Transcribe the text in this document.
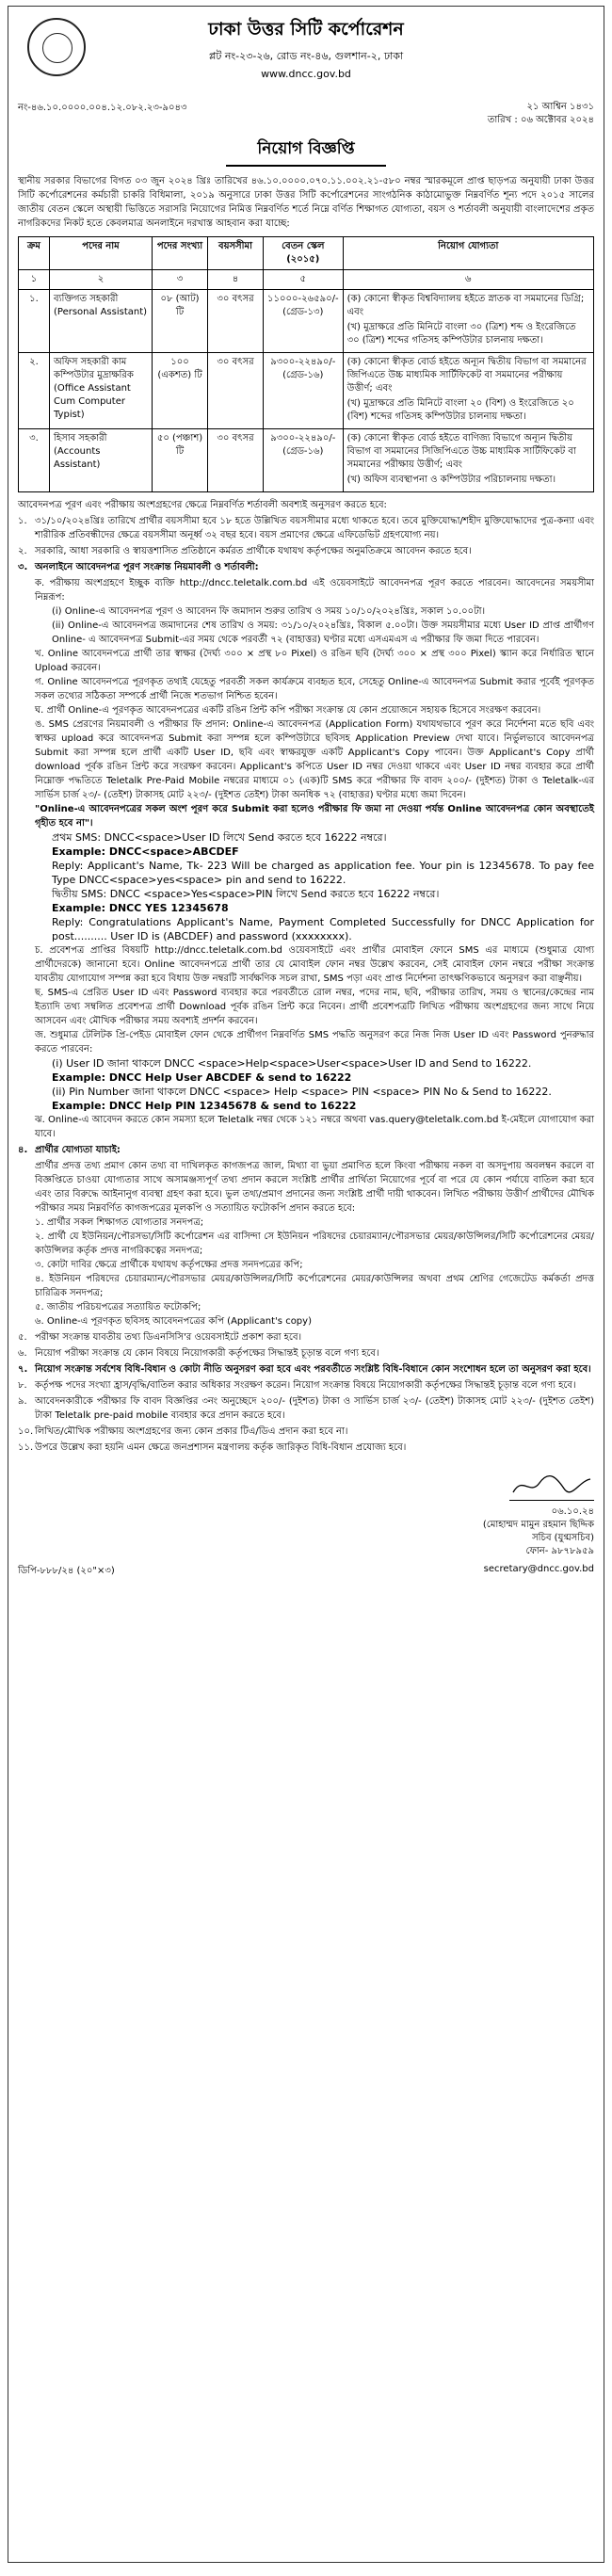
ঢাকা উত্তর সিটি কর্পোরেশন
প্লট নং-২৩-২৬, রোড নং-৪৬, গুলশান-২, ঢাকা
www.dncc.gov.bd
নং-৪৬.১০.০০০০.০০৪.১২.০৮২.২৩-৯০৪৩	২১ আশ্বিন ১৪৩১
তারিখ : ০৬ অক্টোবর ২০২৪
নিয়োগ বিজ্ঞপ্তি

স্থানীয় সরকার বিভাগের বিগত ০৩ জুন ২০২৪ খ্রিঃ তারিখের ৪৬.১০.০০০০.০৭০.১১.০০২.২১-৫৮০ নম্বর স্মারকমূলে প্রাপ্ত ছাড়পত্র অনুযায়ী ঢাকা উত্তর সিটি কর্পোরেশনের কর্মচারী চাকরি বিধিমালা, ২০১৯ অনুসারে ঢাকা উত্তর সিটি কর্পোরেশনের সাংগঠনিক কাঠামোভুক্ত নিম্নবর্ণিত শূন্য পদে ২০১৫ সালের জাতীয় বেতন স্কেলে অস্থায়ী ভিত্তিতে সরাসরি নিয়োগের নিমিত্ত নিম্নবর্ণিত শর্তে নিম্নে বর্ণিত শিক্ষাগত যোগ্যতা, বয়স ও শর্তাবলী অনুযায়ী বাংলাদেশের প্রকৃত নাগরিকদের নিকট হতে কেবলমাত্র অনলাইনে দরখাস্ত আহবান করা যাচ্ছে:

ক্রম	পদের নাম	পদের সংখ্যা	বয়সসীমা	বেতন স্কেল (২০১৫)	নিয়োগ যোগ্যতা
১	২	৩	৪	৫	৬
১.	ব্যক্তিগত সহকারী (Personal Assistant)	০৮ (আট) টি	৩০ বৎসর	১১০০০-২৬৫৯০/- (গ্রেড-১৩)	(ক) কোনো স্বীকৃত বিশ্ববিদ্যালয় হইতে স্নাতক বা সমমানের ডিগ্রি; এবং
(খ) মুদ্রাক্ষরে প্রতি মিনিটে বাংলা ৩০ (ত্রিশ) শব্দ ও ইংরেজিতে ৩০ (ত্রিশ) শব্দের গতিসহ কম্পিউটার চালনায় দক্ষতা।

২.	অফিস সহকারী কাম কম্পিউটার মুদ্রাক্ষরিক (Office Assistant Cum Computer Typist)	১০০ (একশত) টি	৩০ বৎসর	৯৩০০-২২৪৯০/- (গ্রেড-১৬)	(ক) কোনো স্বীকৃত বোর্ড হইতে অন্যূন দ্বিতীয় বিভাগ বা সমমানের জিপিএতে উচ্চ মাধ্যমিক সার্টিফিকেট বা সমমানের পরীক্ষায় উত্তীর্ণ; এবং
(খ) মুদ্রাক্ষরে প্রতি মিনিটে বাংলা ২০ (বিশ) ও ইংরেজিতে ২০ (বিশ) শব্দের গতিসহ কম্পিউটার চালনায় দক্ষতা।

৩.	হিসাব সহকারী (Accounts Assistant)	৫০ (পঞ্চাশ) টি	৩০ বৎসর	৯৩০০-২২৪৯০/- (গ্রেড-১৬)	(ক) কোনো স্বীকৃত বোর্ড হইতে বাণিজ্য বিভাগে অন্যূন দ্বিতীয় বিভাগ বা সমমানের সিজিপিএতে উচ্চ মাধ্যমিক সার্টিফিকেট বা সমমানের পরীক্ষায় উত্তীর্ণ; এবং
(খ) অফিস ব্যবস্থাপনা ও কম্পিউটার পরিচালনায় দক্ষতা।

আবেদনপত্র পূরণ এবং পরীক্ষায় অংশগ্রহণের ক্ষেত্রে নিম্নবর্ণিত শর্তাবলী অবশ্যই অনুসরণ করতে হবে:

১. ৩১/১০/২০২৪খ্রিঃ তারিখে প্রার্থীর বয়সসীমা হবে ১৮ হতে উল্লিখিত বয়সসীমার মধ্যে থাকতে হবে। তবে মুক্তিযোদ্ধা/শহীদ মুক্তিযোদ্ধাদের পুত্র-কন্যা এবং শারীরিক প্রতিবন্ধীদের ক্ষেত্রে বয়সসীমা অনূর্ধ্ব ৩২ বছর হবে। বয়স প্রমাণের ক্ষেত্রে এফিডেভিট গ্রহণযোগ্য নয়।
২. সরকারি, আধা সরকারি ও স্বায়ত্তশাসিত প্রতিষ্ঠানে কর্মরত প্রার্থীকে যথাযথ কর্তৃপক্ষের অনুমতিক্রমে আবেদন করতে হবে।
৩. অনলাইনে আবেদনপত্র পূরণ সংক্রান্ত নিয়মাবলী ও শর্তাবলী:

ক. পরীক্ষায় অংশগ্রহণে ইচ্ছুক ব্যক্তি http://dncc.teletalk.com.bd এই ওয়েবসাইটে আবেদনপত্র পূরণ করতে পারবেন। আবেদনের সময়সীমা নিম্নরূপ:

(i) Online-এ আবেদনপত্র পূরণ ও আবেদন ফি জমাদান শুরুর তারিখ ও সময় ১০/১০/২০২৪খ্রিঃ, সকাল ১০.০০টা।

(ii) Online-এ আবেদনপত্র জমাদানের শেষ তারিখ ও সময়: ৩১/১০/২০২৪খ্রিঃ, বিকাল ৫.০০টা। উক্ত সময়সীমার মধ্যে User ID প্রাপ্ত প্রার্থীগণ Online- এ আবেদনপত্র Submit-এর সময় থেকে পরবর্তী ৭২ (বাহাত্তর) ঘণ্টার মধ্যে এসএমএস এ পরীক্ষার ফি জমা দিতে পারবেন।

খ. Online আবেদনপত্রে প্রার্থী তার স্বাক্ষর (দৈর্ঘ্য ৩০০ × প্রস্থ ৮০ Pixel) ও রঙিন ছবি (দৈর্ঘ্য ৩০০ × প্রস্থ ৩০০ Pixel) স্ক্যান করে নির্ধারিত স্থানে Upload করবেন।

গ. Online আবেদনপত্রে পূরণকৃত তথ্যই যেহেতু পরবর্তী সকল কার্যক্রমে ব্যবহৃত হবে, সেহেতু Online-এ আবেদনপত্র Submit করার পূর্বেই পূরণকৃত সকল তথ্যের সঠিকতা সম্পর্কে প্রার্থী নিজে শতভাগ নিশ্চিত হবেন।

ঘ. প্রার্থী Online-এ পূরণকৃত আবেদনপত্রের একটি রঙিন প্রিন্ট কপি পরীক্ষা সংক্রান্ত যে কোন প্রয়োজনে সহায়ক হিসেবে সংরক্ষণ করবেন।

ঙ. SMS প্রেরণের নিয়মাবলী ও পরীক্ষার ফি প্রদান: Online-এ আবেদনপত্র (Application Form) যথাযথভাবে পূরণ করে নির্দেশনা মতে ছবি এবং স্বাক্ষর upload করে আবেদনপত্র Submit করা সম্পন্ন হলে কম্পিউটারে ছবিসহ Application Preview দেখা যাবে। নির্ভুলভাবে আবেদনপত্র Submit করা সম্পন্ন হলে প্রার্থী একটি User ID, ছবি এবং স্বাক্ষরযুক্ত একটি Applicant's Copy পাবেন। উক্ত Applicant's Copy প্রার্থী download পূর্বক রঙিন প্রিন্ট করে সংরক্ষণ করবেন। Applicant's কপিতে User ID নম্বর দেওয়া থাকবে এবং User ID নম্বর ব্যবহার করে প্রার্থী নিম্নোক্ত পদ্ধতিতে Teletalk Pre-Paid Mobile নম্বরের মাধ্যমে ০১ (এক)টি SMS করে পরীক্ষার ফি বাবদ ২০০/- (দুইশত) টাকা ও Teletalk-এর সার্ভিস চার্জ ২৩/- (তেইশ) টাকাসহ মোট ২২৩/- (দুইশত তেইশ) টাকা অনধিক ৭২ (বাহাত্তর) ঘণ্টার মধ্যে জমা দিবেন।

"Online-এ আবেদনপত্রের সকল অংশ পূরণ করে Submit করা হলেও পরীক্ষার ফি জমা না দেওয়া পর্যন্ত Online আবেদনপত্র কোন অবস্থাতেই গৃহীত হবে না"।

প্রথম SMS: DNCC<space>User ID লিখে Send করতে হবে 16222 নম্বরে।

Example: DNCC<space>ABCDEF

Reply: Applicant's Name, Tk- 223 Will be charged as application fee. Your pin is 12345678. To pay fee Type DNCC<space>yes<space> pin and send to 16222.

দ্বিতীয় SMS: DNCC <space>Yes<space>PIN লিখে Send করতে হবে 16222 নম্বরে।

Example: DNCC YES 12345678

Reply: Congratulations Applicant's Name, Payment Completed Successfully for DNCC Application for post.......... User ID is (ABCDEF) and password (xxxxxxxx).

চ. প্রবেশপত্র প্রাপ্তির বিষয়টি http://dncc.teletalk.com.bd ওয়েবসাইটে এবং প্রার্থীর মোবাইল ফোনে SMS এর মাধ্যমে (শুধুমাত্র যোগ্য প্রার্থীদেরকে) জানানো হবে। Online আবেদনপত্রে প্রার্থী তার যে মোবাইল ফোন নম্বর উল্লেখ করবেন, সেই মোবাইল ফোন নম্বরে পরীক্ষা সংক্রান্ত যাবতীয় যোগাযোগ সম্পন্ন করা হবে বিধায় উক্ত নম্বরটি সার্বক্ষণিক সচল রাখা, SMS পড়া এবং প্রাপ্ত নির্দেশনা তাৎক্ষণিকভাবে অনুসরণ করা বাঞ্ছনীয়।

ছ. SMS-এ প্রেরিত User ID এবং Password ব্যবহার করে পরবর্তীতে রোল নম্বর, পদের নাম, ছবি, পরীক্ষার তারিখ, সময় ও স্থানের/কেন্দ্রের নাম ইত্যাদি তথ্য সম্বলিত প্রবেশপত্র প্রার্থী Download পূর্বক রঙিন প্রিন্ট করে নিবেন। প্রার্থী প্রবেশপত্রটি লিখিত পরীক্ষায় অংশগ্রহণের জন্য সাথে নিয়ে আসবেন এবং মৌখিক পরীক্ষার সময় অবশ্যই প্রদর্শন করবেন।

জ. শুধুমাত্র টেলিটক প্রি-পেইড মোবাইল ফোন থেকে প্রার্থীগণ নিম্নবর্ণিত SMS পদ্ধতি অনুসরণ করে নিজ নিজ User ID এবং Password পুনরুদ্ধার করতে পারবেন:

(i) User ID জানা থাকলে DNCC <space>Help<space>User<space>User ID and Send to 16222.

Example: DNCC Help User ABCDEF & send to 16222

(ii) Pin Number জানা থাকলে DNCC <space> Help <space> PIN <space> PIN No & Send to 16222.

Example: DNCC Help PIN 12345678 & send to 16222

ঝ. Online-এ আবেদন করতে কোন সমস্যা হলে Teletalk নম্বর থেকে ১২১ নম্বরে অথবা vas.query@teletalk.com.bd ই-মেইলে যোগাযোগ করা যাবে।

৪. প্রার্থীর যোগ্যতা যাচাই:

প্রার্থীর প্রদত্ত তথ্য প্রমাণ কোন তথ্য বা দাখিলকৃত কাগজপত্র জাল, মিথ্যা বা ভুয়া প্রমাণিত হলে কিংবা পরীক্ষায় নকল বা অসদুপায় অবলম্বন করলে বা বিজ্ঞপ্তিতে চাওয়া যোগ্যতার সাথে অসামঞ্জস্যপূর্ণ তথ্য প্রদান করলে সংশ্লিষ্ট প্রার্থীর প্রার্থিতা নিয়োগের পূর্বে বা পরে যে কোন পর্যায়ে বাতিল করা হবে এবং তার বিরুদ্ধে আইনানুগ ব্যবস্থা গ্রহণ করা হবে। ভুল তথ্য/প্রমাণ প্রদানের জন্য সংশ্লিষ্ট প্রার্থী দায়ী থাকবেন। লিখিত পরীক্ষায় উত্তীর্ণ প্রার্থীদের মৌখিক পরীক্ষার সময় নিম্নবর্ণিত কাগজপত্রের মূলকপি ও সত্যায়িত ফটোকপি প্রদান করতে হবে:

১. প্রার্থীর সকল শিক্ষাগত যোগ্যতার সনদপত্র;

২. প্রার্থী যে ইউনিয়ন/পৌরসভা/সিটি কর্পোরেশন এর বাসিন্দা সে ইউনিয়ন পরিষদের চেয়ারম্যান/পৌরসভার মেয়র/কাউন্সিলর/সিটি কর্পোরেশনের মেয়র/কাউন্সিলর কর্তৃক প্রদত্ত নাগরিকত্বের সনদপত্র;

৩. কোটা দাবির ক্ষেত্রে প্রার্থীকে যথাযথ কর্তৃপক্ষের প্রদত্ত সনদপত্রের কপি;

৪. ইউনিয়ন পরিষদের চেয়ারম্যান/পৌরসভার মেয়র/কাউন্সিলর/সিটি কর্পোরেশনের মেয়র/কাউন্সিলর অথবা প্রথম শ্রেণির গেজেটেড কর্মকর্তা প্রদত্ত চারিত্রিক সনদপত্র;

৫. জাতীয় পরিচয়পত্রের সত্যায়িত ফটোকপি;

৬. Online-এ পূরণকৃত ছবিসহ আবেদনপত্রের কপি (Applicant's copy)

৫. পরীক্ষা সংক্রান্ত যাবতীয় তথ্য ডিএনসিসি'র ওয়েবসাইটে প্রকাশ করা হবে।
৬. নিয়োগ পরীক্ষা সংক্রান্ত যে কোন বিষয়ে নিয়োগকারী কর্তৃপক্ষের সিদ্ধান্তই চূড়ান্ত বলে গণ্য হবে।
৭. নিয়োগ সংক্রান্ত সর্বশেষ বিধি-বিধান ও কোটা নীতি অনুসরণ করা হবে এবং পরবর্তীতে সংশ্লিষ্ট বিধি-বিধানে কোন সংশোধন হলে তা অনুসরণ করা হবে।
৮. কর্তৃপক্ষ পদের সংখ্যা হ্রাস/বৃদ্ধি/বাতিল করার অধিকার সংরক্ষণ করেন। নিয়োগ সংক্রান্ত বিষয়ে নিয়োগকারী কর্তৃপক্ষের সিদ্ধান্তই চূড়ান্ত বলে গণ্য হবে।
৯. আবেদনকারীকে পরীক্ষার ফি বাবদ বিজ্ঞপ্তির ৩নং অনুচ্ছেদে ২০০/- (দুইশত) টাকা ও সার্ভিস চার্জ ২৩/- (তেইশ) টাকাসহ মোট ২২৩/- (দুইশত তেইশ) টাকা Teletalk pre-paid mobile ব্যবহার করে প্রদান করতে হবে।
১০. লিখিত/মৌখিক পরীক্ষায় অংশগ্রহণের জন্য কোন প্রকার টিএ/ডিএ প্রদান করা হবে না।
১১. উপরে উল্লেখ করা হয়নি এমন ক্ষেত্রে জনপ্রশাসন মন্ত্রণালয় কর্তৃক জারিকৃত বিধি-বিধান প্রযোজ্য হবে।
০৬.১০.২৪
(মোহাম্মদ মামুন রহমান ছিদ্দিক
সচিব (যুগ্মসচিব)
ফোন- ৯৮৭৮৯৫৯
ডিপি-৮৮৮/২৪ (২০"×৩)	secretary@dncc.gov.bd
